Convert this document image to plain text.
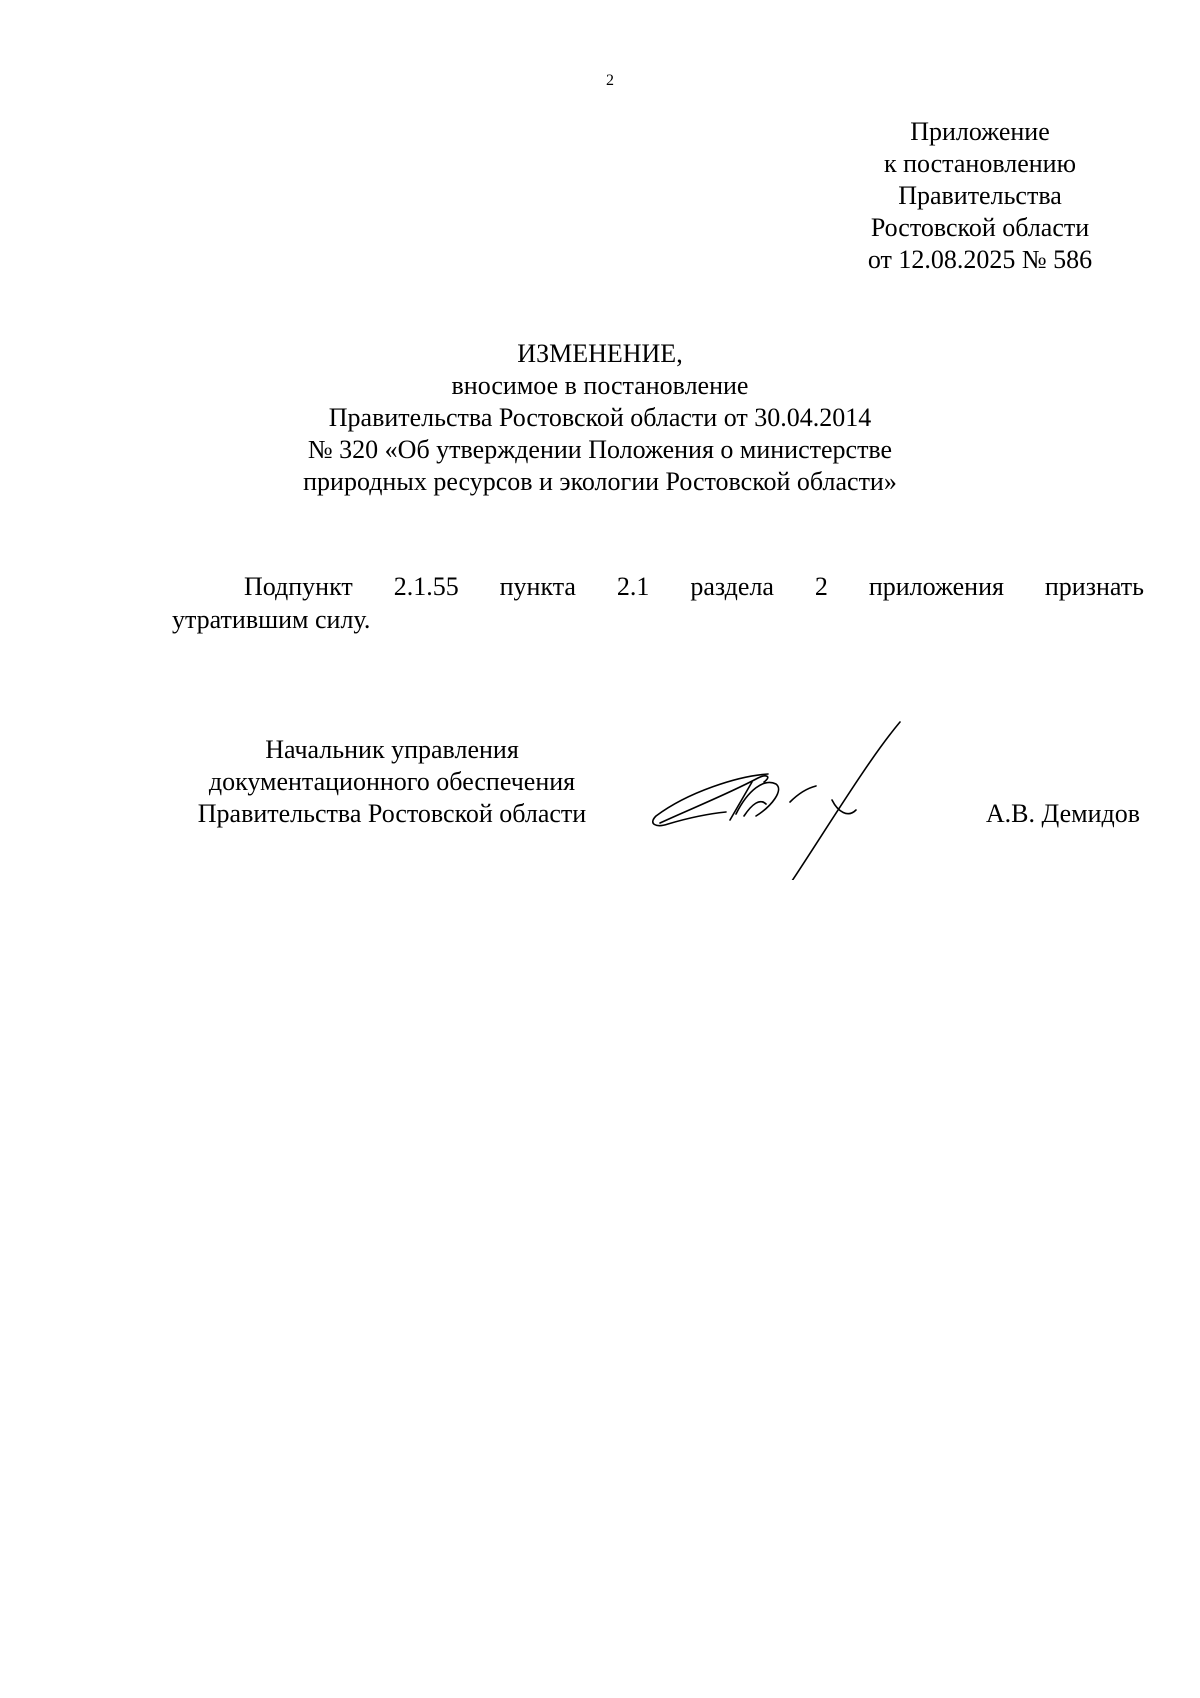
2
Приложение
к постановлению
Правительства
Ростовской области
от 12.08.2025 № 586
ИЗМЕНЕНИЕ,
вносимое в постановление
Правительства Ростовской области от 30.04.2014
№ 320 «Об утверждении Положения о министерстве
природных ресурсов и экологии Ростовской области»
Подпункт 2.1.55 пункта 2.1 раздела 2 приложения признать
утратившим силу.
Начальник управления
документационного обеспечения
Правительства Ростовской области	А.В. Демидов
